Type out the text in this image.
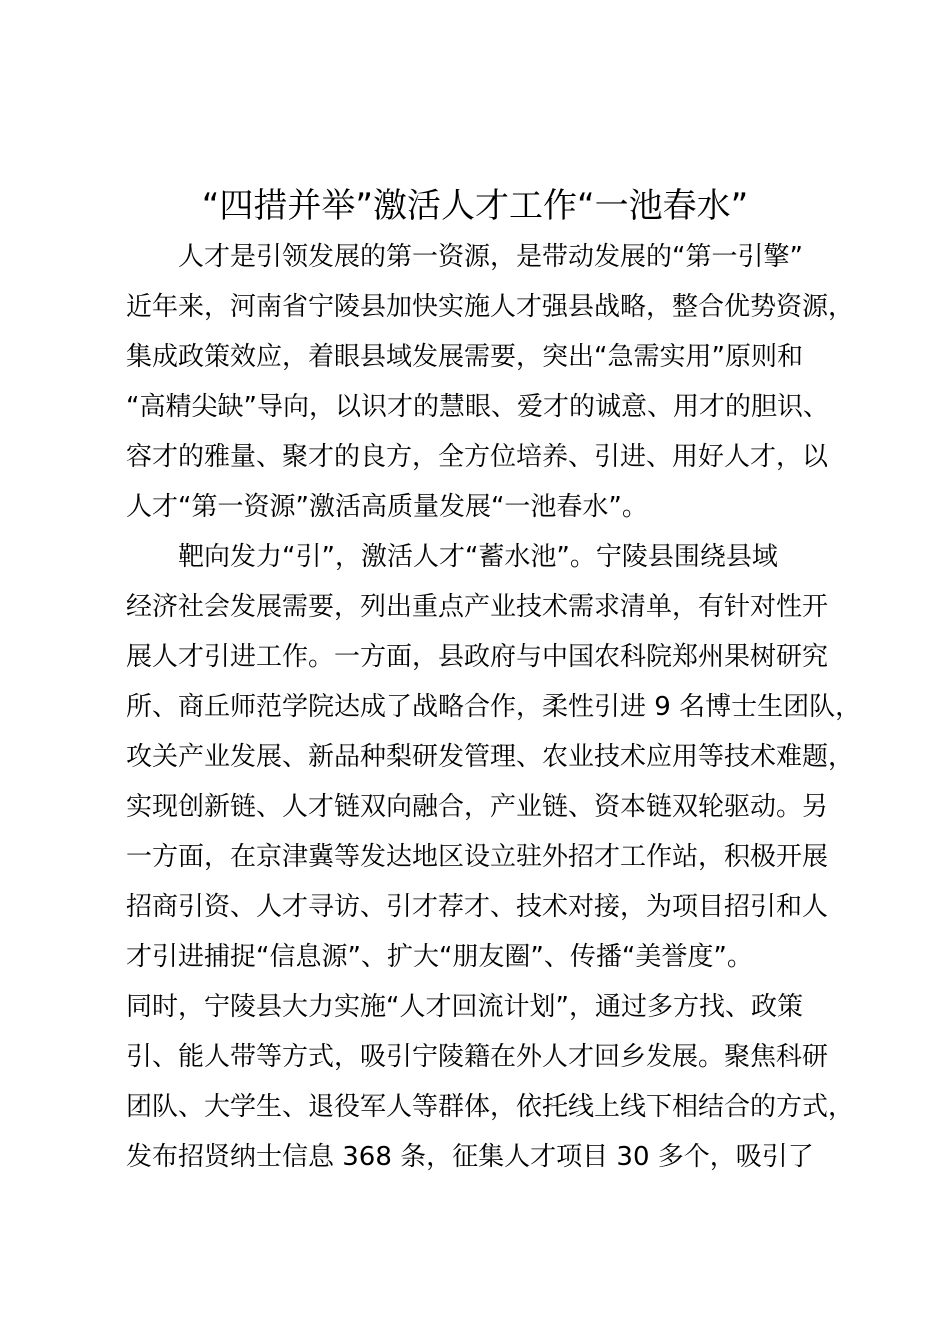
“四措并举”激活人才工作“一池春水”
人才是引领发展的第一资源，是带动发展的“第一引擎”
近年来，河南省宁陵县加快实施人才强县战略，整合优势资源，
集成政策效应，着眼县域发展需要，突出“急需实用”原则和
“高精尖缺”导向，以识才的慧眼、爱才的诚意、用才的胆识、
容才的雅量、聚才的良方，全方位培养、引进、用好人才，以
人才“第一资源”激活高质量发展“一池春水”。
靶向发力“引”，激活人才“蓄水池”。宁陵县围绕县域
经济社会发展需要，列出重点产业技术需求清单，有针对性开
展人才引进工作。一方面，县政府与中国农科院郑州果树研究
所、商丘师范学院达成了战略合作，柔性引进 9 名博士生团队，
攻关产业发展、新品种梨研发管理、农业技术应用等技术难题，
实现创新链、人才链双向融合，产业链、资本链双轮驱动。另
一方面，在京津冀等发达地区设立驻外招才工作站，积极开展
招商引资、人才寻访、引才荐才、技术对接，为项目招引和人
才引进捕捉“信息源”、扩大“朋友圈”、传播“美誉度”。
同时，宁陵县大力实施“人才回流计划”，通过多方找、政策
引、能人带等方式，吸引宁陵籍在外人才回乡发展。聚焦科研
团队、大学生、退役军人等群体，依托线上线下相结合的方式，
发布招贤纳士信息 368 条，征集人才项目 30 多个，吸引了
